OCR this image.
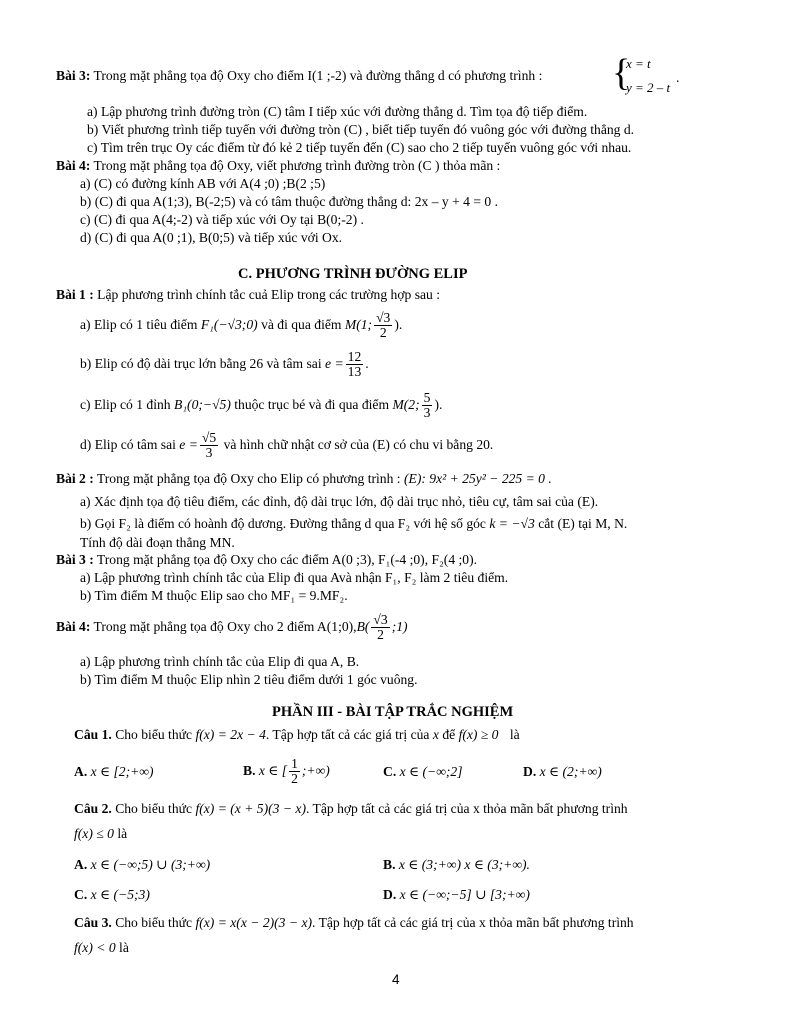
Bài 3: Trong mặt phẳng tọa độ Oxy cho điểm I(1 ;-2) và đường thẳng d có phương trình : {
x = t
y = 2 – t
.
a) Lập phương trình đường tròn (C) tâm I tiếp xúc với đường thẳng d. Tìm tọa độ tiếp điểm.
b) Viết phương trình tiếp tuyến với đường tròn (C) , biết tiếp tuyến đó vuông góc với đường thẳng d.
c) Tìm trên trục Oy các điểm từ đó kẻ 2 tiếp tuyến đến (C) sao cho 2 tiếp tuyến vuông góc với nhau.
Bài 4: Trong mặt phẳng tọa độ Oxy, viết phương trình đường tròn (C ) thỏa mãn :
a) (C) có đường kính AB với A(4 ;0) ;B(2 ;5)
b) (C) đi qua A(1;3), B(-2;5) và có tâm thuộc đường thẳng d: 2x – y + 4 = 0 .
c) (C) đi qua A(4;-2) và tiếp xúc với Oy tại B(0;-2) .
d) (C) đi qua A(0 ;1), B(0;5) và tiếp xúc với Ox.
C. PHƯƠNG TRÌNH ĐƯỜNG ELIP
Bài 1 : Lập phương trình chính tắc cuả Elip trong các trường hợp sau :
a) Elip có 1 tiêu điểm F₁(−√3;0) và đi qua điểm M(1; $\frac{√3}{2}$ ).
b) Elip có độ dài trục lớn bằng 26 và tâm sai $e = \frac{12}{13}$ .
c) Elip có 1 đỉnh B₁(0;−√5) thuộc trục bé và đi qua điểm M(2; $\frac{5}{3}$ ).
d) Elip có tâm sai $e = \frac{√5}{3}$ và hình chữ nhật cơ sở của (E) có chu vi bằng 20.
Bài 2 : Trong mặt phẳng tọa độ Oxy cho Elip có phương trình : (E): 9x² + 25y² − 225 = 0 .
a) Xác định tọa độ tiêu điểm, các đỉnh, độ dài trục lớn, độ dài trục nhỏ, tiêu cự, tâm sai của (E).
b) Gọi F₂ là điểm có hoành độ dương. Đường thẳng d qua F₂ với hệ số góc k = −√3 cắt (E) tại M, N.
Tính độ dài đoạn thẳng MN.
Bài 3 : Trong mặt phẳng tọa độ Oxy cho các điểm A(0 ;3), F₁(-4 ;0), F₂(4 ;0).
a) Lập phương trình chính tắc của Elip đi qua Avà nhận F₁, F₂ làm 2 tiêu điểm.
b) Tìm điểm M thuộc Elip sao cho MF₁ = 9.MF₂.
Bài 4: Trong mặt phẳng tọa độ Oxy cho 2 điểm A(1;0),B( $\frac{√3}{2}$ ;1)
a) Lập phương trình chính tắc của Elip đi qua A, B.
b) Tìm điểm M thuộc Elip nhìn 2 tiêu điểm dưới 1 góc vuông.
PHẦN III - BÀI TẬP TRẮC NGHIỆM
Câu 1. Cho biểu thức f(x) = 2x − 4. Tập hợp tất cả các giá trị của x để f(x) ≥ 0 là
A. x ∈ [2;+∞)	B. x ∈ [ $\frac{1}{2}$ ;+∞)	C. x ∈ (−∞;2]	D. x ∈ (2;+∞)
Câu 2. Cho biểu thức f(x) = (x + 5)(3 − x). Tập hợp tất cả các giá trị của x thỏa mãn bất phương trình
f(x) ≤ 0 là
A. x ∈ (−∞;5) ∪ (3;+∞)	B. x ∈ (3;+∞) x ∈ (3;+∞).
C. x ∈ (−5;3)	D. x ∈ (−∞;−5] ∪ [3;+∞)
Câu 3. Cho biểu thức f(x) = x(x − 2)(3 − x). Tập hợp tất cả các giá trị của x thỏa mãn bất phương trình
f(x) < 0 là
4
